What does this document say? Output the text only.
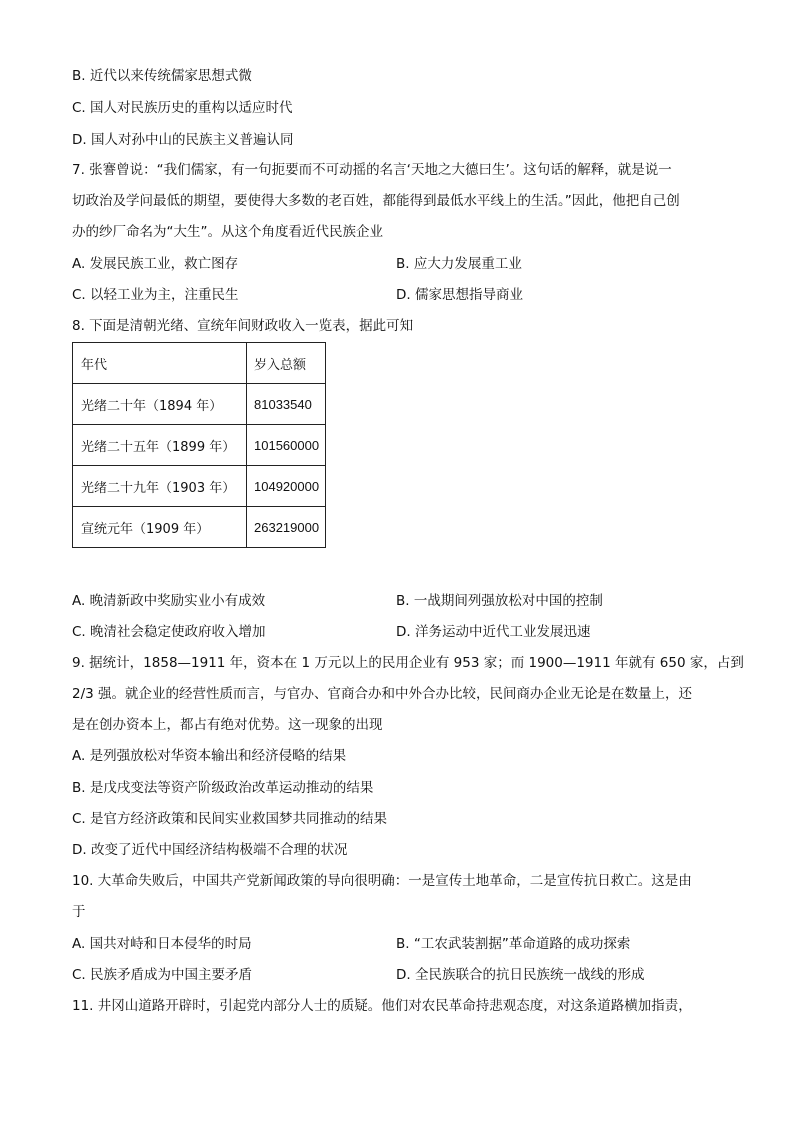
B. 近代以来传统儒家思想式微
C. 国人对民族历史的重构以适应时代
D. 国人对孙中山的民族主义普遍认同
7. 张謇曾说：“我们儒家，有一句扼要而不可动摇的名言‘天地之大德曰生’。这句话的解释，就是说一
切政治及学问最低的期望，要使得大多数的老百姓，都能得到最低水平线上的生活。”因此，他把自己创
办的纱厂命名为“大生”。从这个角度看近代民族企业
A. 发展民族工业，救亡图存	B. 应大力发展重工业
C. 以轻工业为主，注重民生	D. 儒家思想指导商业
8. 下面是清朝光绪、宣统年间财政收入一览表，据此可知
年代	岁入总额
光绪二十年（1894 年）	81033540
光绪二十五年（1899 年）	101560000
光绪二十九年（1903 年）	104920000
宣统元年（1909 年）	263219000
A. 晚清新政中奖励实业小有成效	B. 一战期间列强放松对中国的控制
C. 晚清社会稳定使政府收入增加	D. 洋务运动中近代工业发展迅速
9. 据统计，1858—1911 年，资本在 1 万元以上的民用企业有 953 家；而 1900—1911 年就有 650 家，占到
2/3 强。就企业的经营性质而言，与官办、官商合办和中外合办比较，民间商办企业无论是在数量上，还
是在创办资本上，都占有绝对优势。这一现象的出现
A. 是列强放松对华资本输出和经济侵略的结果
B. 是戊戌变法等资产阶级政治改革运动推动的结果
C. 是官方经济政策和民间实业救国梦共同推动的结果
D. 改变了近代中国经济结构极端不合理的状况
10. 大革命失败后，中国共产党新闻政策的导向很明确：一是宣传土地革命，二是宣传抗日救亡。这是由
于
A. 国共对峙和日本侵华的时局	B. “工农武装割据”革命道路的成功探索
C. 民族矛盾成为中国主要矛盾	D. 全民族联合的抗日民族统一战线的形成
11. 井冈山道路开辟时，引起党内部分人士的质疑。他们对农民革命持悲观态度，对这条道路横加指责，
